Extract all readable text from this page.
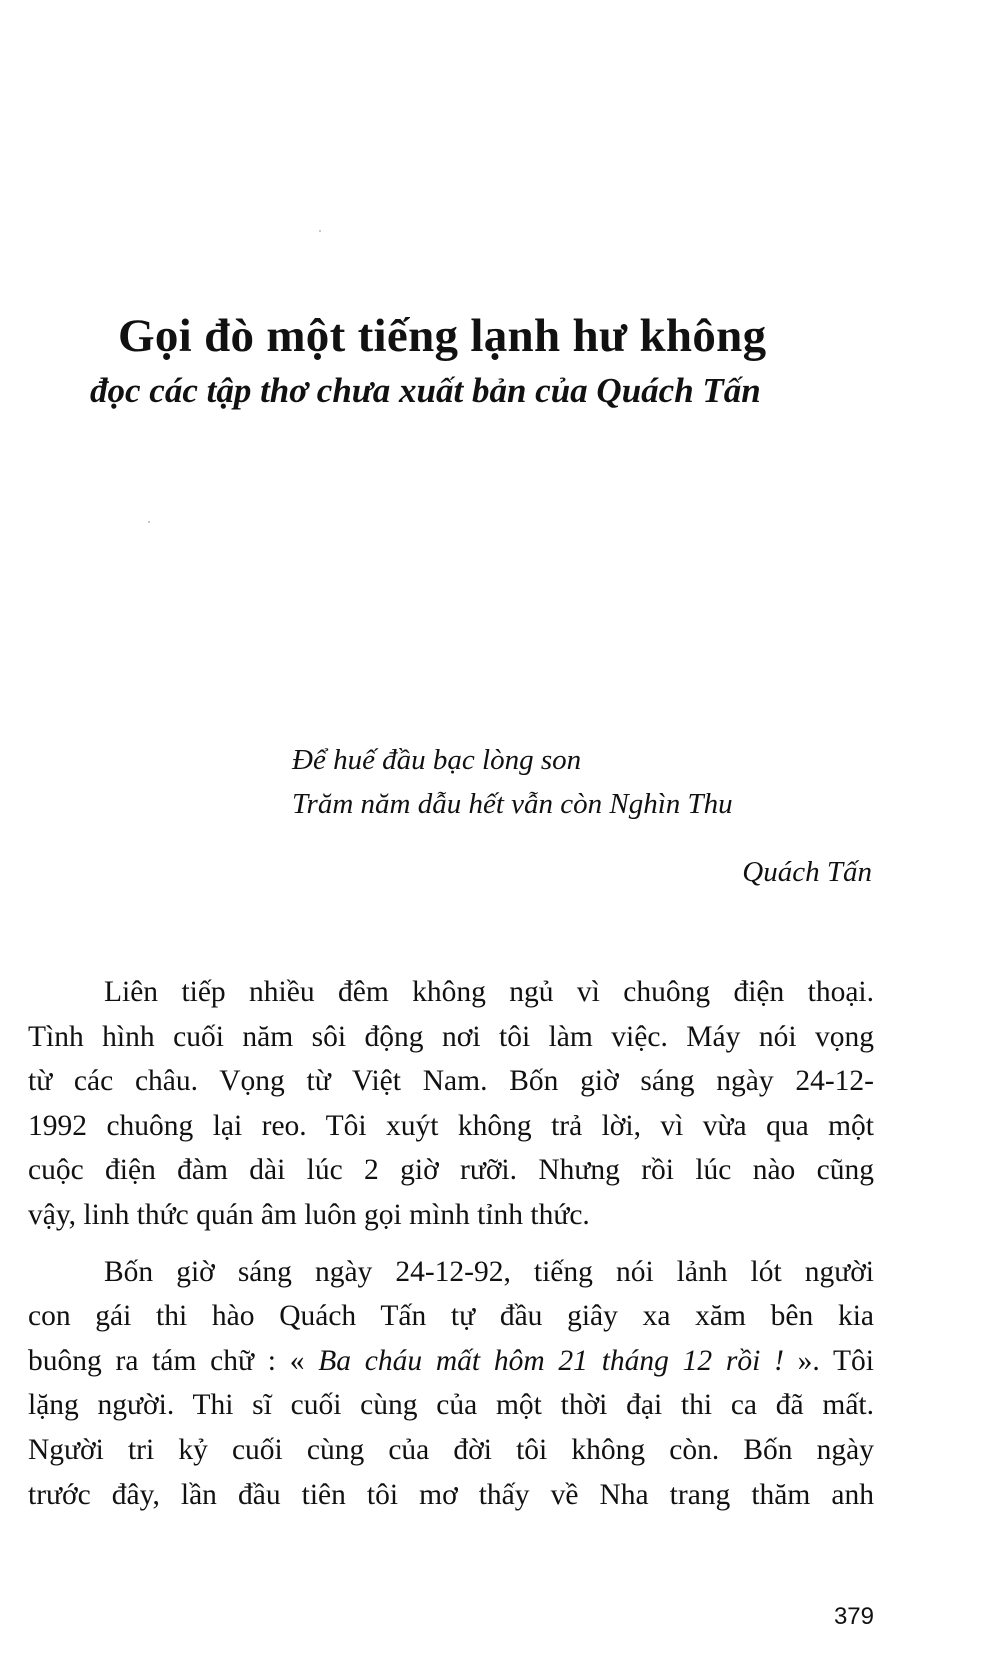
Gọi đò một tiếng lạnh hư không
đọc các tập thơ chưa xuất bản của Quách Tấn
Để huế đầu bạc lòng son
Trăm năm dẫu hết vẫn còn Nghìn Thu
Quách Tấn

Liên tiếp nhiều đêm không ngủ vì chuông điện thoại.
Tình hình cuối năm sôi động nơi tôi làm việc. Máy nói vọng
từ các châu. Vọng từ Việt Nam. Bốn giờ sáng ngày 24-12-
1992 chuông lại reo. Tôi xuýt không trả lời, vì vừa qua một
cuộc điện đàm dài lúc 2 giờ rưỡi. Nhưng rồi lúc nào cũng
vậy, linh thức quán âm luôn gọi mình tỉnh thức.

Bốn giờ sáng ngày 24-12-92, tiếng nói lảnh lót người
con gái thi hào Quách Tấn tự đầu giây xa xăm bên kia
buông ra tám chữ : « Ba cháu mất hôm 21 tháng 12 rồi ! ». Tôi
lặng người. Thi sĩ cuối cùng của một thời đại thi ca đã mất.
Người tri kỷ cuối cùng của đời tôi không còn. Bốn ngày
trước đây, lần đầu tiên tôi mơ thấy về Nha trang thăm anh

379
